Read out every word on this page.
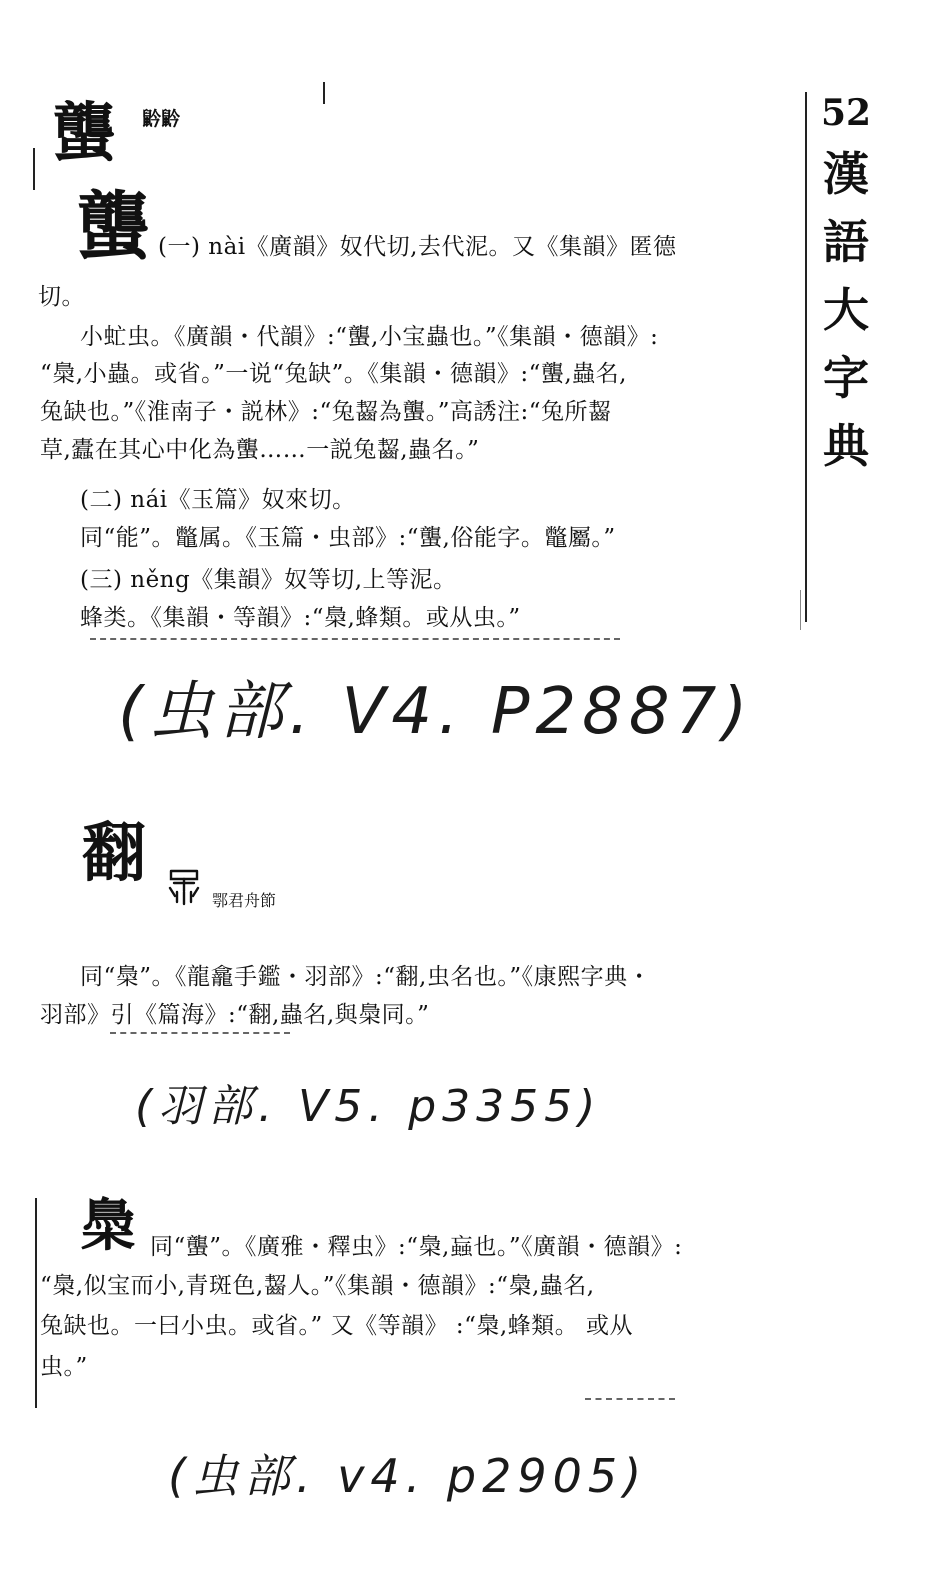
52
漢
語
大
字
典
蠪 䶃䶃
蠪 (一) nài《廣韻》奴代切,去代泥。又《集韻》匿德
切。
小虻虫。《廣韻・代韻》:“蠪,小宝蟲也。”《集韻・德韻》:
“䲷,小蟲。或省。”一说“兔缺”。《集韻・德韻》:“蠪,蟲名,
兔缺也。”《淮南子・説林》:“兔齧為蠪。”高誘注:“兔所齧
草,蠹在其心中化為蠪……一説兔齧,蟲名。”
(二) nái《玉篇》奴來切。
同“能”。鼈属。《玉篇・虫部》:“蠪,俗能字。鼈屬。”
(三) něng《集韻》奴等切,上等泥。
蜂类。《集韻・等韻》:“䲷,蜂類。或从虫。”
(虫部. V4. P2887)
翻
鄂君舟節
同“䲷”。《龍龕手鑑・羽部》:“翻,虫名也。”《康熙字典・
羽部》引《篇海》:“翻,蟲名,與䲷同。”
(羽部. V5. p3355)
䲷 同“蠪”。《廣雅・釋虫》:“䲷,蝱也。”《廣韻・德韻》:
“䲷,似宝而小,青斑色,齧人。”《集韻・德韻》:“䲷,蟲名,
兔缺也。一曰小虫。或省。” 又《等韻》 :“䲷,蜂類。 或从
虫。”
(虫部. v4. p2905)
